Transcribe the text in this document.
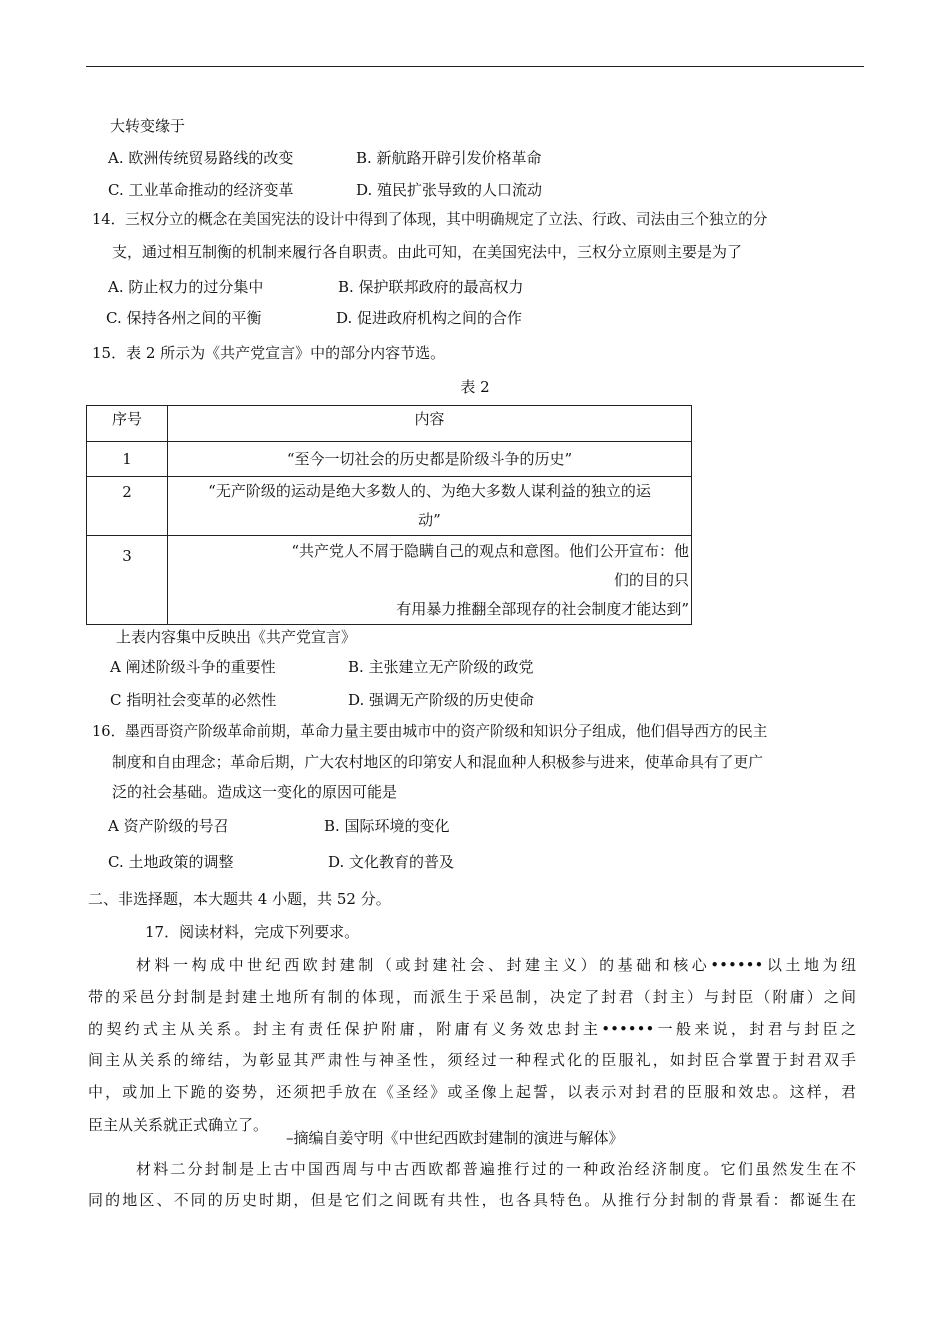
大转变缘于
A. 欧洲传统贸易路线的改变	B. 新航路开辟引发价格革命
C. 工业革命推动的经济变革	D. 殖民扩张导致的人口流动
14．三权分立的概念在美国宪法的设计中得到了体现，其中明确规定了立法、行政、司法由三个独立的分
支，通过相互制衡的机制来履行各自职责。由此可知，在美国宪法中，三权分立原则主要是为了
A. 防止权力的过分集中	B. 保护联邦政府的最高权力
C. 保持各州之间的平衡	D. 促进政府机构之间的合作
15．表 2 所示为《共产党宣言》中的部分内容节选。
表 2
序号	内容
1	“至今一切社会的历史都是阶级斗争的历史”

2	“无产阶级的运动是绝大多数人的、为绝大多数人谋利益的独立的运
动”

3	“共产党人不屑于隐瞒自己的观点和意图。他们公开宣布：他
们的目的只
有用暴力推翻全部现存的社会制度才能达到”
上表内容集中反映出《共产党宣言》
A 阐述阶级斗争的重要性	B. 主张建立无产阶级的政党
C 指明社会变革的必然性	D. 强调无产阶级的历史使命
16．墨西哥资产阶级革命前期，革命力量主要由城市中的资产阶级和知识分子组成，他们倡导西方的民主
制度和自由理念；革命后期，广大农村地区的印第安人和混血种人积极参与进来，使革命具有了更广
泛的社会基础。造成这一变化的原因可能是
A 资产阶级的号召	B. 国际环境的变化
C. 土地政策的调整	D. 文化教育的普及
二、非选择题，本大题共 4 小题，共 52 分。
17．阅读材料，完成下列要求。
材料一构成中世纪西欧封建制（或封建社会、封建主义）的基础和核心••••••以土地为纽
带的采邑分封制是封建土地所有制的体现，而派生于采邑制，决定了封君（封主）与封臣（附庸）之间
的契约式主从关系。封主有责任保护附庸，附庸有义务效忠封主••••••一般来说，封君与封臣之
间主从关系的缔结，为彰显其严肃性与神圣性，须经过一种程式化的臣服礼，如封臣合掌置于封君双手
中，或加上下跪的姿势，还须把手放在《圣经》或圣像上起誓，以表示对封君的臣服和效忠。这样，君
臣主从关系就正式确立了。
–摘编自姜守明《中世纪西欧封建制的演进与解体》
材料二分封制是上古中国西周与中古西欧都普遍推行过的一种政治经济制度。它们虽然发生在不
同的地区、不同的历史时期，但是它们之间既有共性，也各具特色。从推行分封制的背景看：都诞生在
